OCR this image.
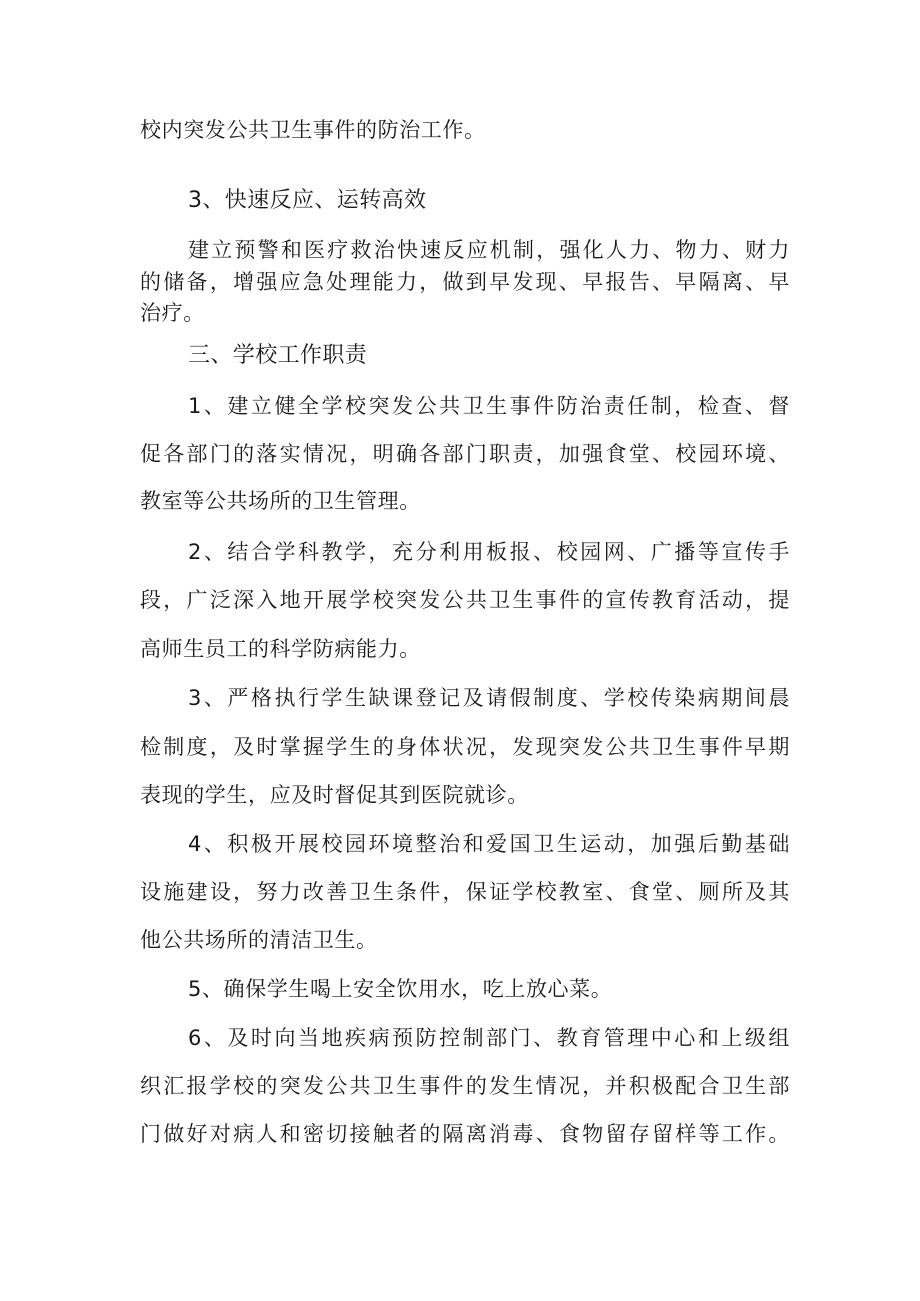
校内突发公共卫生事件的防治工作。
3、快速反应、运转高效
建立预警和医疗救治快速反应机制，强化人力、物力、财力
的储备，增强应急处理能力，做到早发现、早报告、早隔离、早
治疗。
三、学校工作职责
1、建立健全学校突发公共卫生事件防治责任制，检查、督
促各部门的落实情况，明确各部门职责，加强食堂、校园环境、
教室等公共场所的卫生管理。
2、结合学科教学，充分利用板报、校园网、广播等宣传手
段，广泛深入地开展学校突发公共卫生事件的宣传教育活动，提
高师生员工的科学防病能力。
3、严格执行学生缺课登记及请假制度、学校传染病期间晨
检制度，及时掌握学生的身体状况，发现突发公共卫生事件早期
表现的学生，应及时督促其到医院就诊。
4、积极开展校园环境整治和爱国卫生运动，加强后勤基础
设施建设，努力改善卫生条件，保证学校教室、食堂、厕所及其
他公共场所的清洁卫生。
5、确保学生喝上安全饮用水，吃上放心菜。
6、及时向当地疾病预防控制部门、教育管理中心和上级组
织汇报学校的突发公共卫生事件的发生情况，并积极配合卫生部
门做好对病人和密切接触者的隔离消毒、食物留存留样等工作。
